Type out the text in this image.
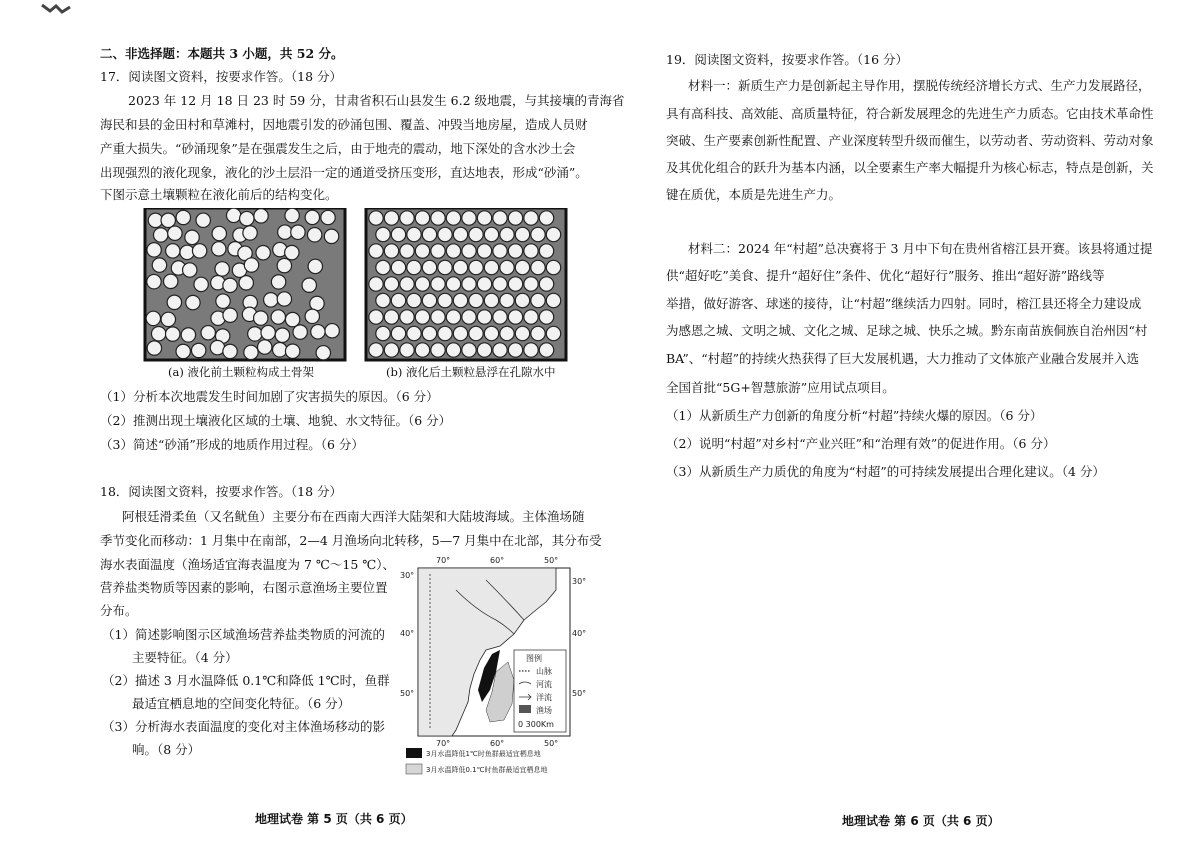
二、非选择题：本题共 3 小题，共 52 分。
17．阅读图文资料，按要求作答。（18 分）
2023 年 12 月 18 日 23 时 59 分，甘肃省积石山县发生 6.2 级地震，与其接壤的青海省
海民和县的金田村和草滩村，因地震引发的砂涌包围、覆盖、冲毁当地房屋，造成人员财
产重大损失。“砂涌现象”是在强震发生之后，由于地壳的震动，地下深处的含水沙土会
出现强烈的液化现象，液化的沙土层沿一定的通道受挤压变形，直达地表，形成“砂涌”。
下图示意土壤颗粒在液化前后的结构变化。
(a) 液化前土颗粒构成土骨架	(b) 液化后土颗粒悬浮在孔隙水中
（1）分析本次地震发生时间加剧了灾害损失的原因。（6 分）
（2）推测出现土壤液化区域的土壤、地貌、水文特征。（6 分）
（3）简述“砂涌”形成的地质作用过程。（6 分）
18．阅读图文资料，按要求作答。（18 分）
阿根廷滑柔鱼（又名鱿鱼）主要分布在西南大西洋大陆架和大陆坡海域。主体渔场随
季节变化而移动：1 月集中在南部，2—4 月渔场向北转移，5—7 月集中在北部，其分布受
海水表面温度（渔场适宜海表温度为 7 ℃～15 ℃）、
营养盐类物质等因素的影响，右图示意渔场主要位置
分布。
（1）简述影响图示区域渔场营养盐类物质的河流的
主要特征。（4 分）
（2）描述 3 月水温降低 0.1℃和降低 1℃时，鱼群
最适宜栖息地的空间变化特征。（6 分）
（3）分析海水表面温度的变化对主体渔场移动的影
响。（8 分）
图例
山脉
河流
洋流
渔场
0 300Km
70°	60°	50°
70°	60°	50°
30°
40°
50°
30°
40°
50°
3月水温降低1℃时鱼群最适宜栖息地
3月水温降低0.1℃时鱼群最适宜栖息地
地理试卷 第 5 页（共 6 页）
19．阅读图文资料，按要求作答。（16 分）
材料一：新质生产力是创新起主导作用，摆脱传统经济增长方式、生产力发展路径，
具有高科技、高效能、高质量特征，符合新发展理念的先进生产力质态。它由技术革命性
突破、生产要素创新性配置、产业深度转型升级而催生，以劳动者、劳动资料、劳动对象
及其优化组合的跃升为基本内涵，以全要素生产率大幅提升为核心标志，特点是创新，关
键在质优，本质是先进生产力。
材料二：2024 年“村超”总决赛将于 3 月中下旬在贵州省榕江县开赛。该县将通过提
供“超好吃”美食、提升“超好住”条件、优化“超好行”服务、推出“超好游”路线等
举措，做好游客、球迷的接待，让“村超”继续活力四射。同时，榕江县还将全力建设成
为感恩之城、文明之城、文化之城、足球之城、快乐之城。黔东南苗族侗族自治州因“村
BA”、“村超”的持续火热获得了巨大发展机遇，大力推动了文体旅产业融合发展并入选
全国首批“5G+智慧旅游”应用试点项目。
（1）从新质生产力创新的角度分析“村超”持续火爆的原因。（6 分）
（2）说明“村超”对乡村“产业兴旺”和“治理有效”的促进作用。（6 分）
（3）从新质生产力质优的角度为“村超”的可持续发展提出合理化建议。（4 分）
地理试卷 第 6 页（共 6 页）
